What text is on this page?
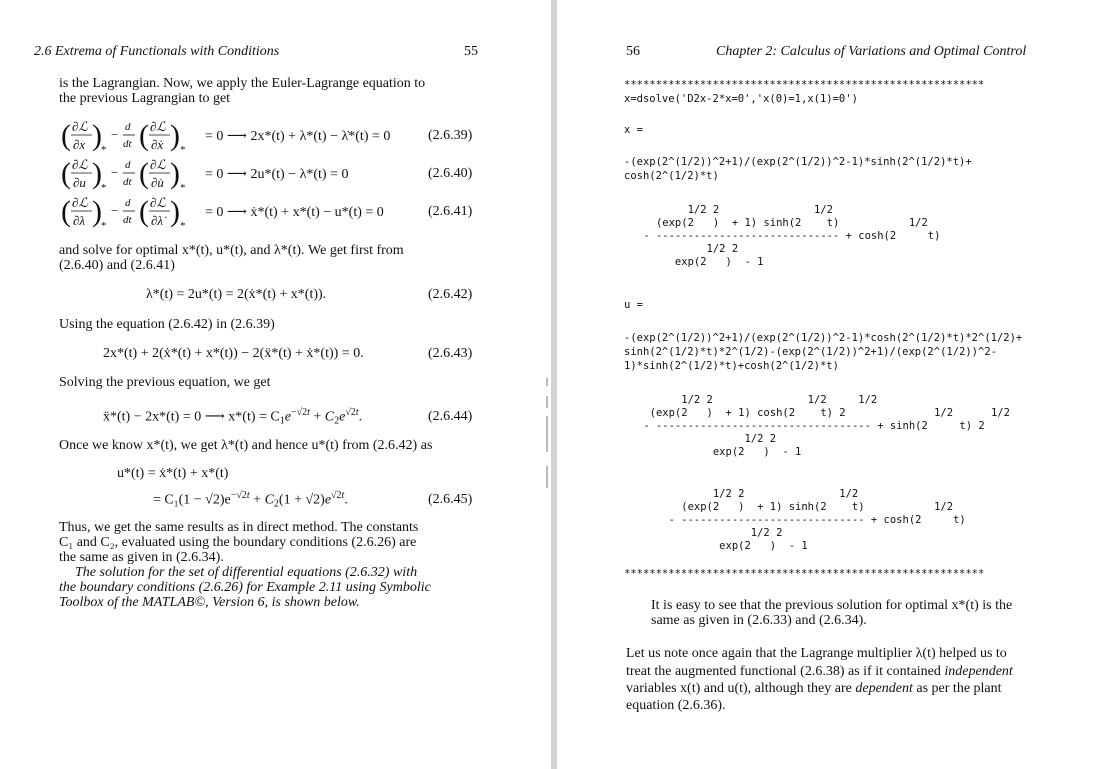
2.6 Extrema of Functionals with Conditions	55
is the Lagrangian. Now, we apply the Euler-Lagrange equation to
the previous Lagrangian to get
( ∂ℒ
∂x ) *
− d
dt ( ∂ℒ
∂ẋ ) *
= 0 ⟶ 2x*(t) + λ*(t) − λ̇*(t) = 0	(2.6.39)
( ∂ℒ
∂u ) *
− d
dt ( ∂ℒ
∂u̇ ) *
= 0 ⟶ 2u*(t) − λ*(t) = 0	(2.6.40)
( ∂ℒ
∂λ ) *
− d
dt ( ∂ℒ
∂λ̇ ) *
= 0 ⟶ ẋ*(t) + x*(t) − u*(t) = 0	(2.6.41)
and solve for optimal x*(t), u*(t), and λ*(t). We get first from
(2.6.40) and (2.6.41)
λ*(t) = 2u*(t) = 2(ẋ*(t) + x*(t)).	(2.6.42)
Using the equation (2.6.42) in (2.6.39)
2x*(t) + 2(ẋ*(t) + x*(t)) − 2(ẍ*(t) + ẋ*(t)) = 0.	(2.6.43)
Solving the previous equation, we get
ẍ*(t) − 2x*(t) = 0 ⟶ $x*(t) = C_1e^{-√2t} + C_2e^{√2t}$.	(2.6.44)
Once we know x*(t), we get λ*(t) and hence u*(t) from (2.6.42) as
u*(t) = ẋ*(t) + x*(t)
= $C_1(1 - √2)e^{-√2t} + C_2(1 + √2)e^{√2t}$.	(2.6.45)
Thus, we get the same results as in direct method. The constants
C₁ and C₂, evaluated using the boundary conditions (2.6.26) are
the same as given in (2.6.34).
The solution for the set of differential equations (2.6.32) with
the boundary conditions (2.6.26) for Example 2.11 using Symbolic
Toolbox of the MATLAB©, Version 6, is shown below.
56	Chapter 2: Calculus of Variations and Optimal Control
*********************************************************
x=dsolve('D2x-2*x=0','x(0)=1,x(1)=0')
x =
-(exp(2^(1/2))^2+1)/(exp(2^(1/2))^2-1)*sinh(2^(1/2)*t)+
cosh(2^(1/2)*t)
1/2 2               1/2
(exp(2   )  + 1) sinh(2    t)           1/2
- ----------------------------- + cosh(2     t)
1/2 2
exp(2   )  - 1
u =
-(exp(2^(1/2))^2+1)/(exp(2^(1/2))^2-1)*cosh(2^(1/2)*t)*2^(1/2)+
sinh(2^(1/2)*t)*2^(1/2)-(exp(2^(1/2))^2+1)/(exp(2^(1/2))^2-
1)*sinh(2^(1/2)*t)+cosh(2^(1/2)*t)
1/2 2               1/2     1/2
(exp(2   )  + 1) cosh(2    t) 2              1/2      1/2
- ---------------------------------- + sinh(2     t) 2
1/2 2
exp(2   )  - 1
1/2 2               1/2
(exp(2   )  + 1) sinh(2    t)           1/2
- ----------------------------- + cosh(2     t)
1/2 2
exp(2   )  - 1
*********************************************************
It is easy to see that the previous solution for optimal x*(t) is the
same as given in (2.6.33) and (2.6.34).
Let us note once again that the Lagrange multiplier λ(t) helped us to
treat the augmented functional (2.6.38) as if it contained independent
variables x(t) and u(t), although they are dependent as per the plant
equation (2.6.36).
